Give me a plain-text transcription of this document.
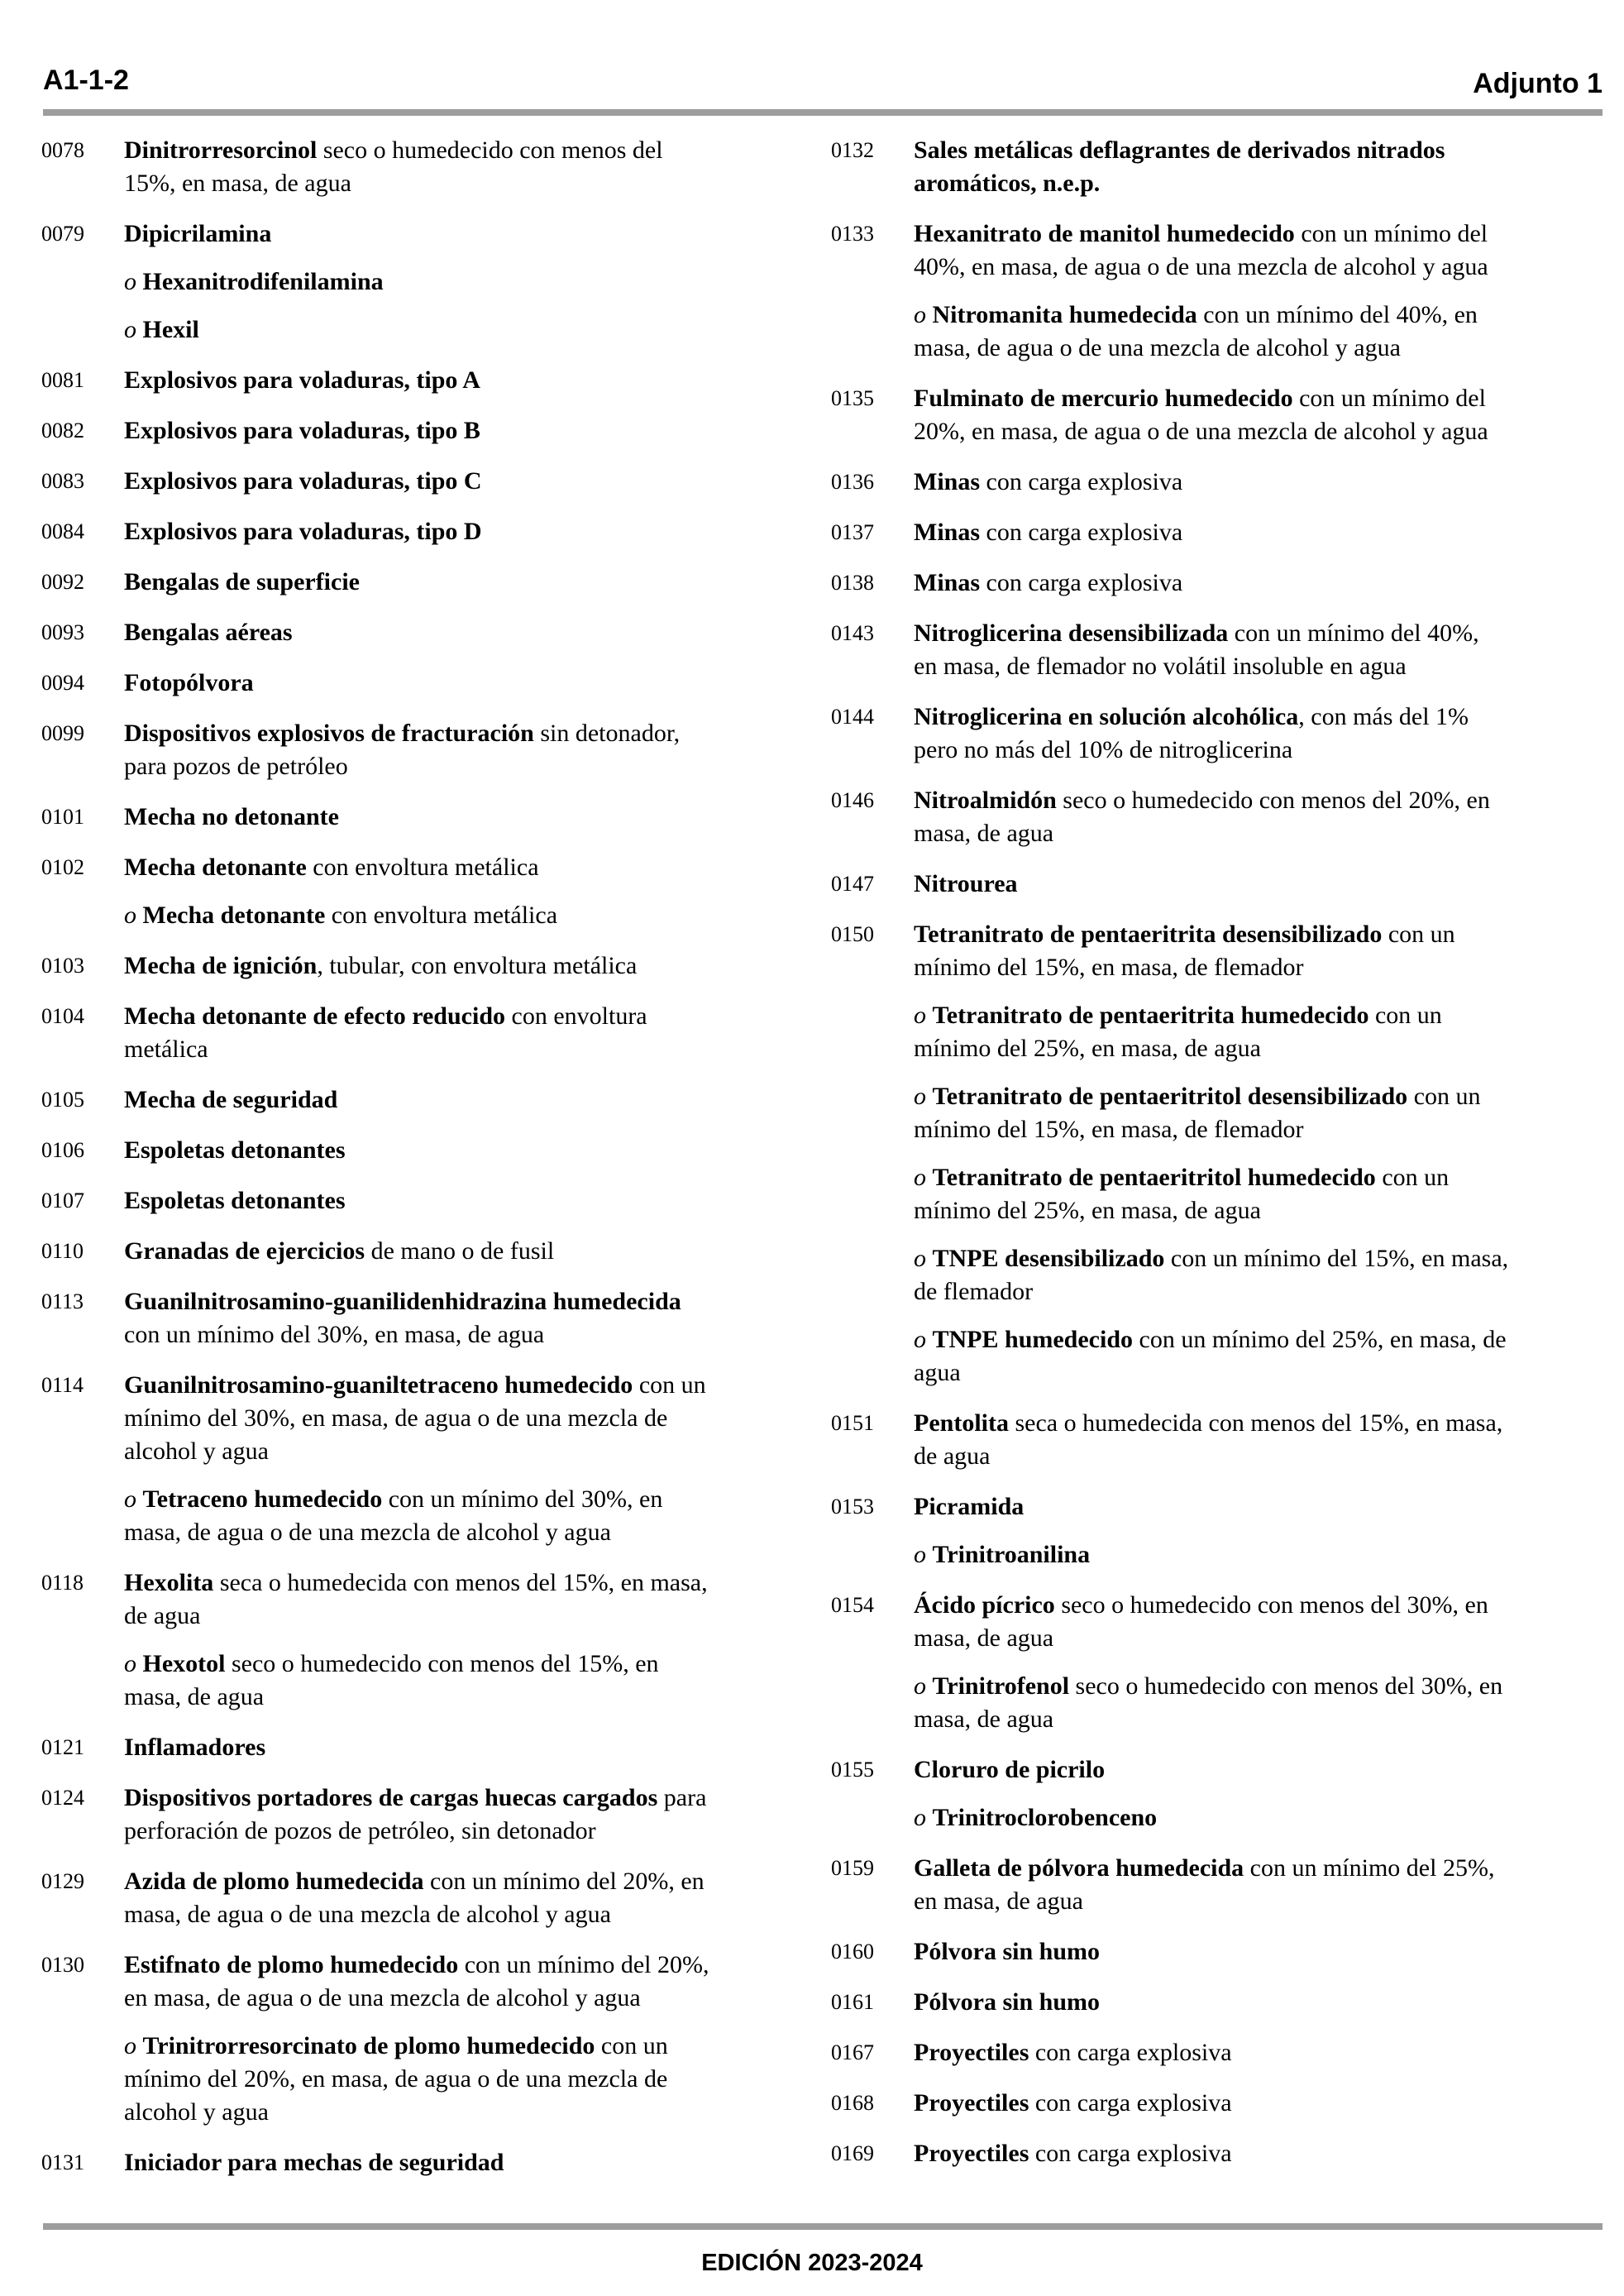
A1-1-2	Adjunto 1
0078	Dinitrorresorcinol seco o humedecido con menos del
15%, en masa, de agua
0079	Dipicrilamina
o Hexanitrodifenilamina
o Hexil
0081	Explosivos para voladuras, tipo A
0082	Explosivos para voladuras, tipo B
0083	Explosivos para voladuras, tipo C
0084	Explosivos para voladuras, tipo D
0092	Bengalas de superficie
0093	Bengalas aéreas
0094	Fotopólvora
0099	Dispositivos explosivos de fracturación sin detonador,
para pozos de petróleo
0101	Mecha no detonante
0102	Mecha detonante con envoltura metálica
o Mecha detonante con envoltura metálica
0103	Mecha de ignición, tubular, con envoltura metálica
0104	Mecha detonante de efecto reducido con envoltura
metálica
0105	Mecha de seguridad
0106	Espoletas detonantes
0107	Espoletas detonantes
0110	Granadas de ejercicios de mano o de fusil
0113	Guanilnitrosamino-guanilidenhidrazina humedecida
con un mínimo del 30%, en masa, de agua
0114	Guanilnitrosamino-guaniltetraceno humedecido con un
mínimo del 30%, en masa, de agua o de una mezcla de
alcohol y agua
o Tetraceno humedecido con un mínimo del 30%, en
masa, de agua o de una mezcla de alcohol y agua
0118	Hexolita seca o humedecida con menos del 15%, en masa,
de agua
o Hexotol seco o humedecido con menos del 15%, en
masa, de agua
0121	Inflamadores
0124	Dispositivos portadores de cargas huecas cargados para
perforación de pozos de petróleo, sin detonador
0129	Azida de plomo humedecida con un mínimo del 20%, en
masa, de agua o de una mezcla de alcohol y agua
0130	Estifnato de plomo humedecido con un mínimo del 20%,
en masa, de agua o de una mezcla de alcohol y agua
o Trinitrorresorcinato de plomo humedecido con un
mínimo del 20%, en masa, de agua o de una mezcla de
alcohol y agua
0131	Iniciador para mechas de seguridad
0132	Sales metálicas deflagrantes de derivados nitrados
aromáticos, n.e.p.
0133	Hexanitrato de manitol humedecido con un mínimo del
40%, en masa, de agua o de una mezcla de alcohol y agua
o Nitromanita humedecida con un mínimo del 40%, en
masa, de agua o de una mezcla de alcohol y agua
0135	Fulminato de mercurio humedecido con un mínimo del
20%, en masa, de agua o de una mezcla de alcohol y agua
0136	Minas con carga explosiva
0137	Minas con carga explosiva
0138	Minas con carga explosiva
0143	Nitroglicerina desensibilizada con un mínimo del 40%,
en masa, de flemador no volátil insoluble en agua
0144	Nitroglicerina en solución alcohólica, con más del 1%
pero no más del 10% de nitroglicerina
0146	Nitroalmidón seco o humedecido con menos del 20%, en
masa, de agua
0147	Nitrourea
0150	Tetranitrato de pentaeritrita desensibilizado con un
mínimo del 15%, en masa, de flemador
o Tetranitrato de pentaeritrita humedecido con un
mínimo del 25%, en masa, de agua
o Tetranitrato de pentaeritritol desensibilizado con un
mínimo del 15%, en masa, de flemador
o Tetranitrato de pentaeritritol humedecido con un
mínimo del 25%, en masa, de agua
o TNPE desensibilizado con un mínimo del 15%, en masa,
de flemador
o TNPE humedecido con un mínimo del 25%, en masa, de
agua
0151	Pentolita seca o humedecida con menos del 15%, en masa,
de agua
0153	Picramida
o Trinitroanilina
0154	Ácido pícrico seco o humedecido con menos del 30%, en
masa, de agua
o Trinitrofenol seco o humedecido con menos del 30%, en
masa, de agua
0155	Cloruro de picrilo
o Trinitroclorobenceno
0159	Galleta de pólvora humedecida con un mínimo del 25%,
en masa, de agua
0160	Pólvora sin humo
0161	Pólvora sin humo
0167	Proyectiles con carga explosiva
0168	Proyectiles con carga explosiva
0169	Proyectiles con carga explosiva
EDICIÓN 2023-2024
